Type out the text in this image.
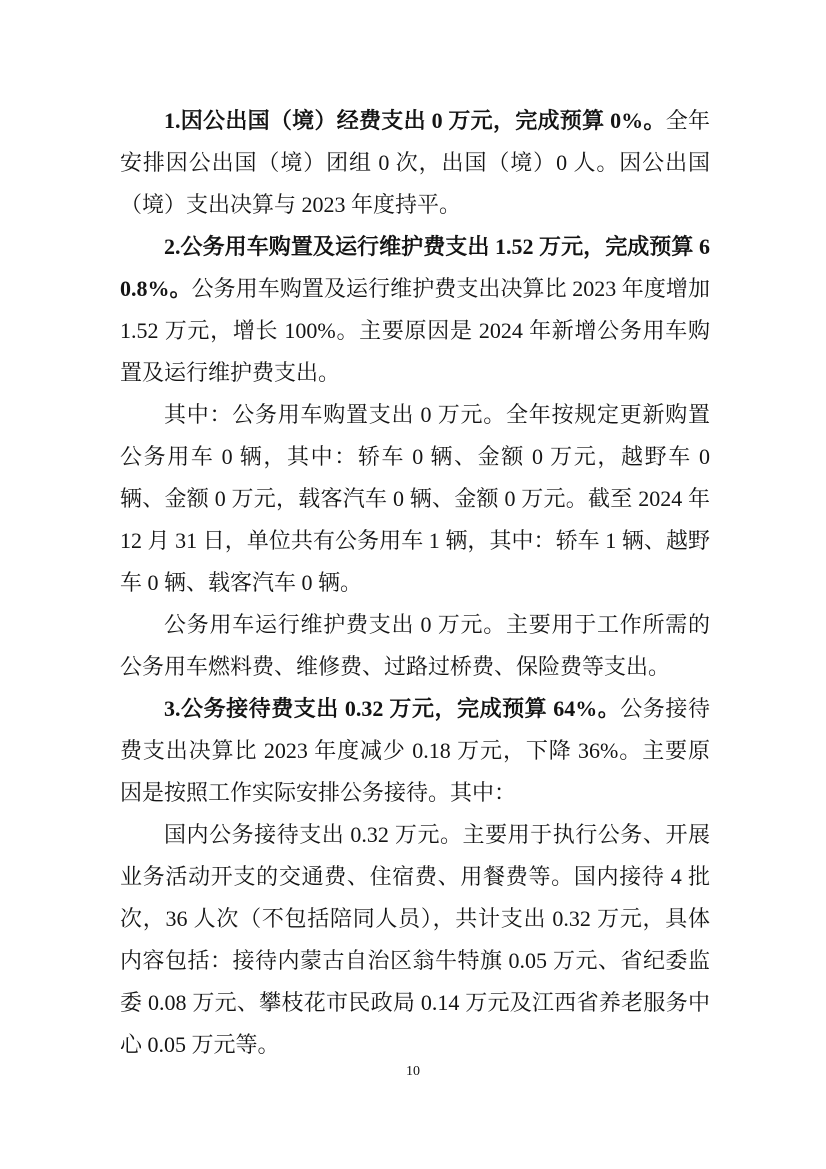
1.因公出国（境）经费支出 0 万元，完成预算 0%。全年安排因公出国（境）团组 0 次，出国（境）0 人。因公出国（境）支出决算与 2023 年度持平。

2.公务用车购置及运行维护费支出 1.52 万元，完成预算 60.8%。公务用车购置及运行维护费支出决算比 2023 年度增加 1.52 万元，增长 100%。主要原因是 2024 年新增公务用车购置及运行维护费支出。

其中：公务用车购置支出 0 万元。全年按规定更新购置公务用车 0 辆，其中：轿车 0 辆、金额 0 万元，越野车 0 辆、金额 0 万元，载客汽车 0 辆、金额 0 万元。截至 2024 年 12 月 31 日，单位共有公务用车 1 辆，其中：轿车 1 辆、越野车 0 辆、载客汽车 0 辆。

公务用车运行维护费支出 0 万元。主要用于工作所需的公务用车燃料费、维修费、过路过桥费、保险费等支出。

3.公务接待费支出 0.32 万元，完成预算 64%。公务接待费支出决算比 2023 年度减少 0.18 万元，下降 36%。主要原因是按照工作实际安排公务接待。其中：

国内公务接待支出 0.32 万元。主要用于执行公务、开展业务活动开支的交通费、住宿费、用餐费等。国内接待 4 批次，36 人次（不包括陪同人员），共计支出 0.32 万元，具体内容包括：接待内蒙古自治区翁牛特旗 0.05 万元、省纪委监委 0.08 万元、攀枝花市民政局 0.14 万元及江西省养老服务中心 0.05 万元等。

10
